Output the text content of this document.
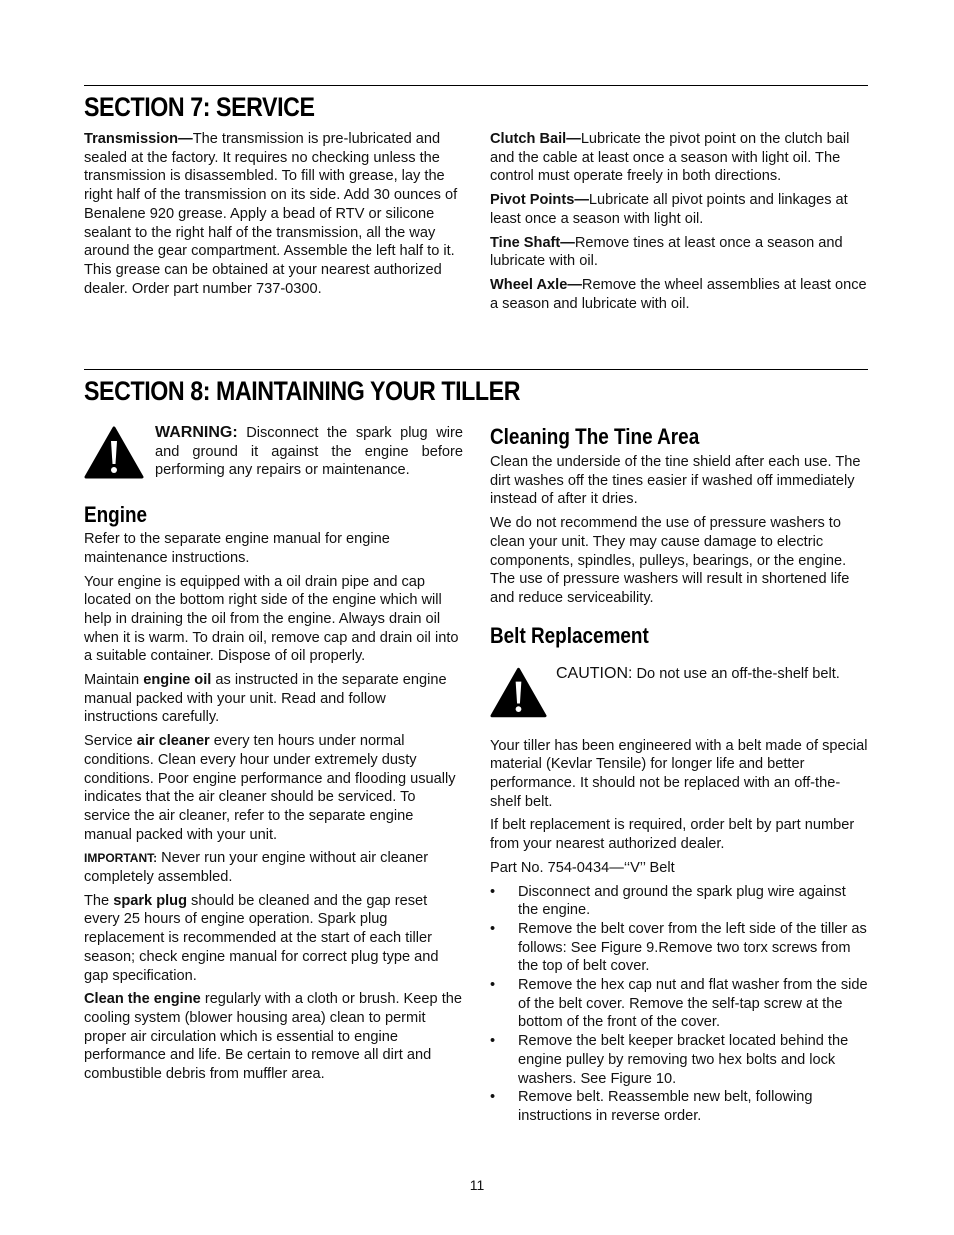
SECTION 7: SERVICE

Transmission—The transmission is pre-lubricated and sealed at the factory. It requires no checking unless the transmission is disassembled. To fill with grease, lay the right half of the transmission on its side. Add 30 ounces of Benalene 920 grease. Apply a bead of RTV or silicone sealant to the right half of the transmission, all the way around the gear compartment. Assemble the left half to it. This grease can be obtained at your nearest authorized dealer. Order part number 737-0300.

Clutch Bail—Lubricate the pivot point on the clutch bail and the cable at least once a season with light oil. The control must operate freely in both directions.

Pivot Points—Lubricate all pivot points and linkages at least once a season with light oil.

Tine Shaft—Remove tines at least once a season and lubricate with oil.

Wheel Axle—Remove the wheel assemblies at least once a season and lubricate with oil.

SECTION 8: MAINTAINING YOUR TILLER
WARNING: Disconnect the spark plug wire and ground it against the engine before performing any repairs or maintenance.
Engine

Refer to the separate engine manual for engine maintenance instructions.

Your engine is equipped with a oil drain pipe and cap located on the bottom right side of the engine which will help in draining the oil from the engine. Always drain oil when it is warm. To drain oil, remove cap and drain oil into a suitable container. Dispose of oil properly.

Maintain engine oil as instructed in the separate engine manual packed with your unit. Read and follow instructions carefully.

Service air cleaner every ten hours under normal conditions. Clean every hour under extremely dusty conditions. Poor engine performance and flooding usually indicates that the air cleaner should be serviced. To service the air cleaner, refer to the separate engine manual packed with your unit.

IMPORTANT: Never run your engine without air cleaner completely assembled.

The spark plug should be cleaned and the gap reset every 25 hours of engine operation. Spark plug replacement is recommended at the start of each tiller season; check engine manual for correct plug type and gap specification.

Clean the engine regularly with a cloth or brush. Keep the cooling system (blower housing area) clean to permit proper air circulation which is essential to engine performance and life. Be certain to remove all dirt and combustible debris from muffler area.

Cleaning The Tine Area

Clean the underside of the tine shield after each use. The dirt washes off the tines easier if washed off immediately instead of after it dries.

We do not recommend the use of pressure washers to clean your unit. They may cause damage to electric components, spindles, pulleys, bearings, or the engine. The use of pressure washers will result in shortened life and reduce serviceability.

Belt Replacement
CAUTION: Do not use an off-the-shelf belt.

Your tiller has been engineered with a belt made of special material (Kevlar Tensile) for longer life and better performance. It should not be replaced with an off-the-shelf belt.

If belt replacement is required, order belt by part number from your nearest authorized dealer.

Part No. 754-0434—‘‘V’’ Belt

• Disconnect and ground the spark plug wire against the engine.
• Remove the belt cover from the left side of the tiller as follows: See Figure 9.Remove two torx screws from the top of belt cover.
• Remove the hex cap nut and flat washer from the side of the belt cover. Remove the self-tap screw at the bottom of the front of the cover.
• Remove the belt keeper bracket located behind the engine pulley by removing two hex bolts and lock washers. See Figure 10.
• Remove belt. Reassemble new belt, following instructions in reverse order.
11
